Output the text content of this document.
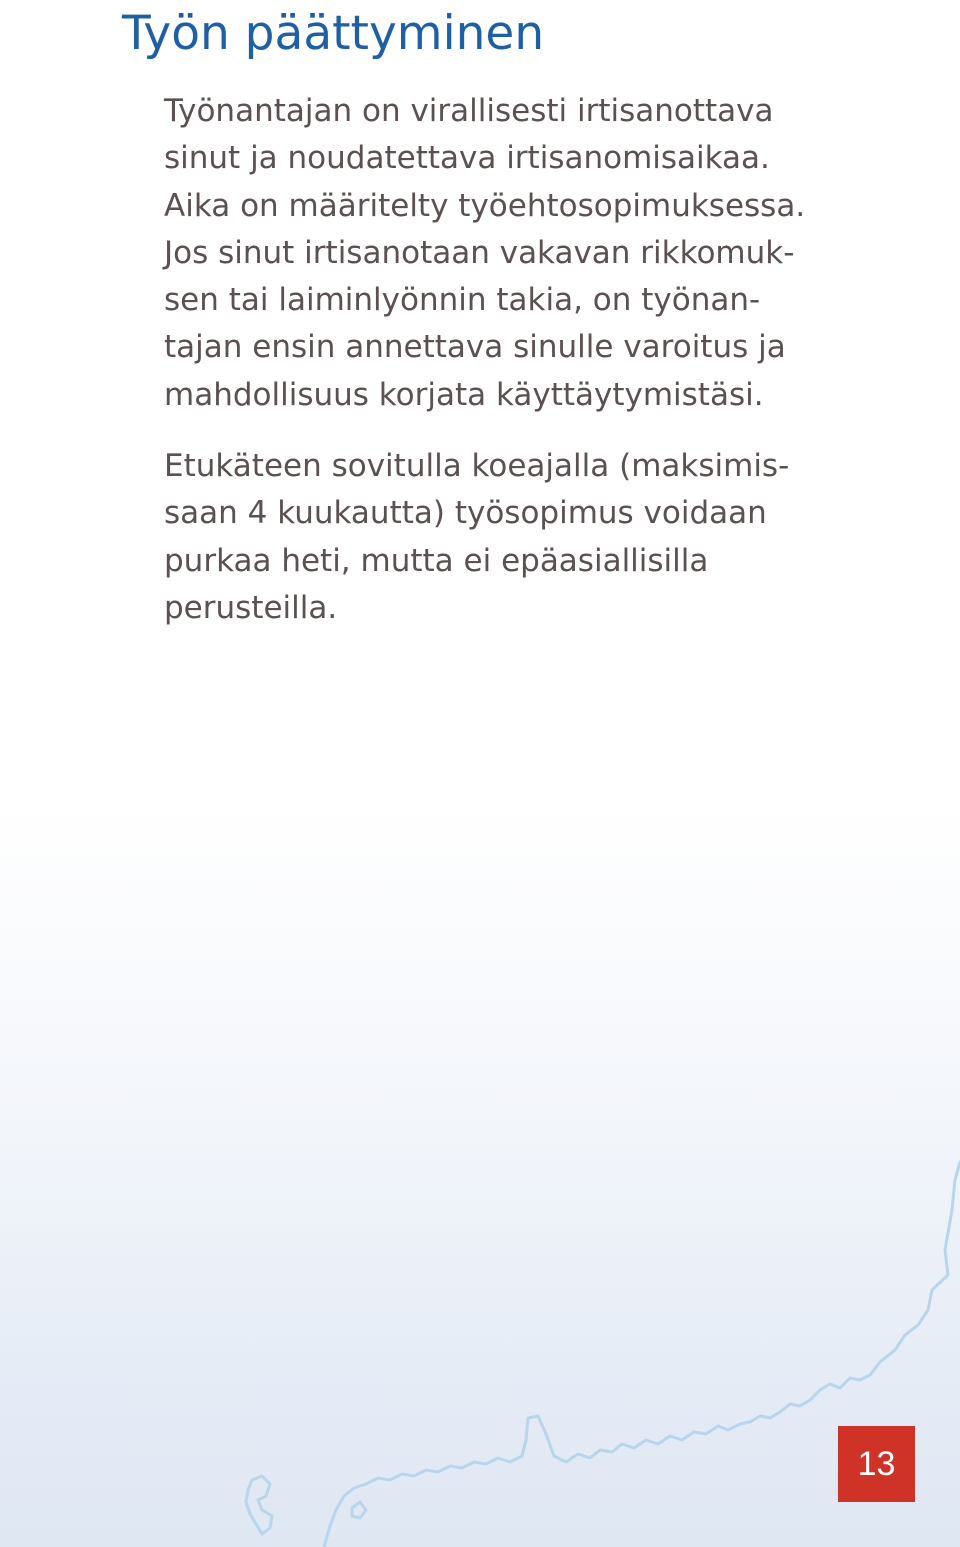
Työn päättyminen
Työnantajan on virallisesti irtisanottava
sinut ja noudatettava irtisanomisaikaa.
Aika on määritelty työehtosopimuksessa.
Jos sinut irtisanotaan vakavan rikkomuk-
sen tai laiminlyönnin takia, on työnan-
tajan ensin annettava sinulle varoitus ja
mahdollisuus korjata käyttäytymistäsi.
Etukäteen sovitulla koeajalla (maksimis-
saan 4 kuukautta) työsopimus voidaan
purkaa heti, mutta ei epäasiallisilla
perusteilla.
13
